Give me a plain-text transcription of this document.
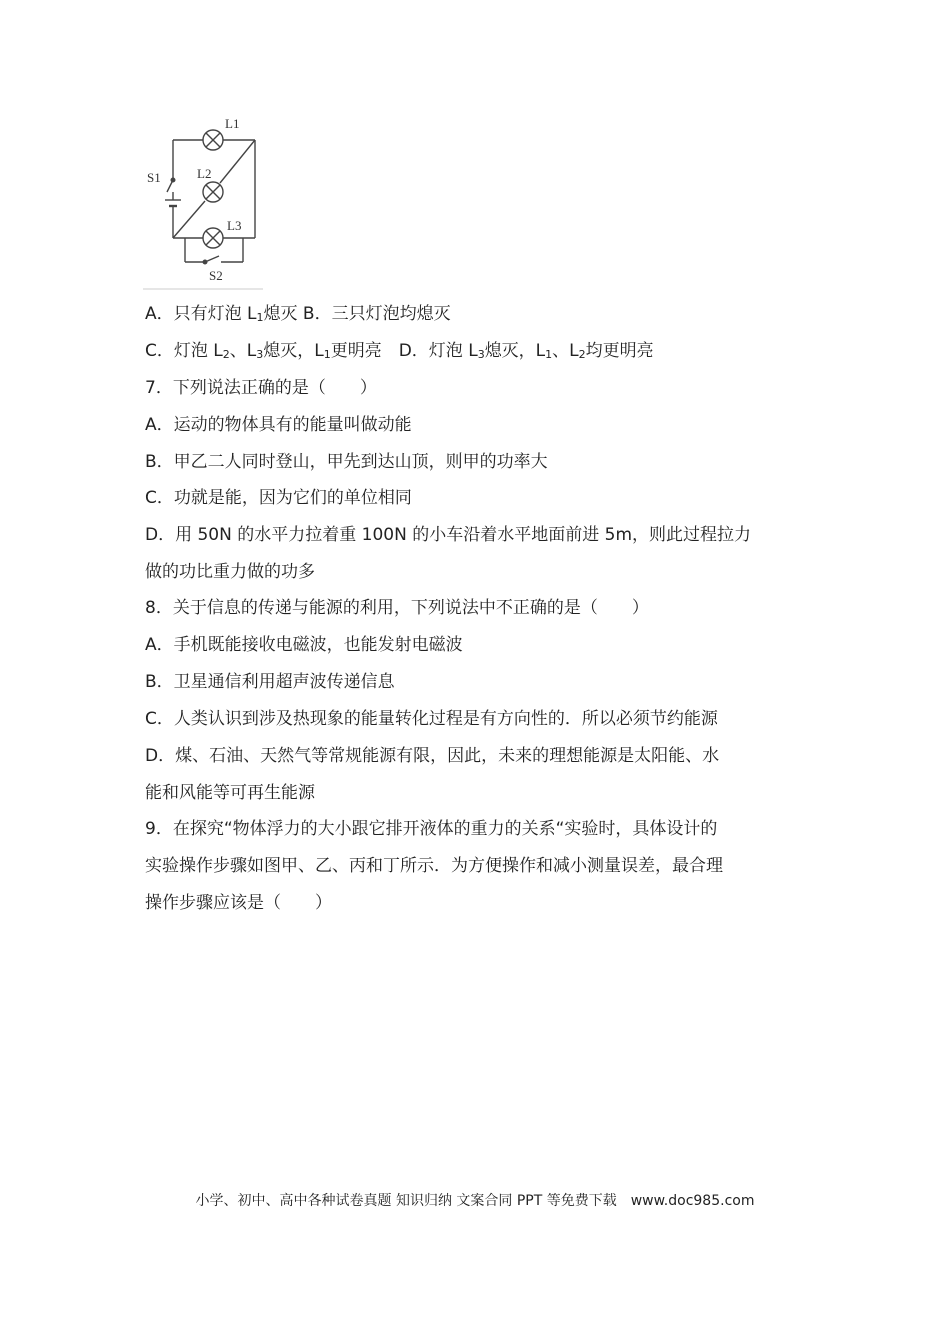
L1
L2
L3
S1
S2
A．只有灯泡 $L_1$熄灭 B．三只灯泡均熄灭
C．灯泡 $L_2$、$L_3$熄灭，$L_1$更明亮　D．灯泡 $L_3$熄灭，$L_1$、$L_2$均更明亮
7．下列说法正确的是（　　）
A．运动的物体具有的能量叫做动能
B．甲乙二人同时登山，甲先到达山顶，则甲的功率大
C．功就是能，因为它们的单位相同
D．用 50N 的水平力拉着重 100N 的小车沿着水平地面前进 5m，则此过程拉力
做的功比重力做的功多
8．关于信息的传递与能源的利用，下列说法中不正确的是（　　）
A．手机既能接收电磁波，也能发射电磁波
B．卫星通信利用超声波传递信息
C．人类认识到涉及热现象的能量转化过程是有方向性的．所以必须节约能源
D．煤、石油、天然气等常规能源有限，因此，未来的理想能源是太阳能、水
能和风能等可再生能源
9．在探究“物体浮力的大小跟它排开液体的重力的关系“实验时，具体设计的
实验操作步骤如图甲、乙、丙和丁所示．为方便操作和减小测量误差，最合理
操作步骤应该是（　　）
小学、初中、高中各种试卷真题 知识归纳 文案合同 PPT 等免费下载　www.doc985.com
